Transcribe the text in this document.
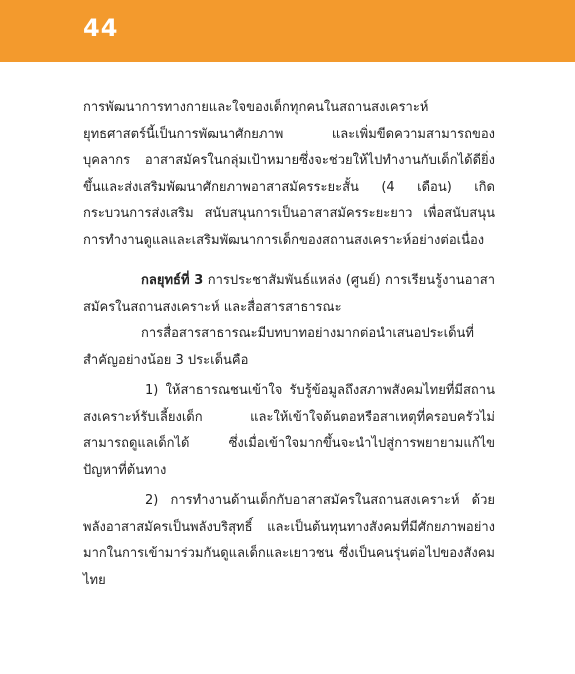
44

การพัฒนาการทางกายและใจของเด็กทุกคนในสถานสงเคราะห์ ยุทธศาสตร์นี้เป็นการพัฒนาศักยภาพ และเพิ่มขีดความสามารถของบุคลากร อาสาสมัครในกลุ่มเป้าหมายซึ่งจะช่วยให้ไปทำงานกับเด็กได้ดียิ่งขึ้นและส่งเสริมพัฒนาศักยภาพอาสาสมัครระยะสั้น (4 เดือน) เกิดกระบวนการส่งเสริม สนับสนุนการเป็นอาสาสมัครระยะยาว เพื่อสนับสนุนการทำงานดูแลและเสริมพัฒนาการเด็กของสถานสงเคราะห์อย่างต่อเนื่อง

กลยุทธ์ที่ 3 การประชาสัมพันธ์แหล่ง (ศูนย์) การเรียนรู้งานอาสาสมัครในสถานสงเคราะห์ และสื่อสารสาธารณะ

การสื่อสารสาธารณะมีบทบาทอย่างมากต่อนำเสนอประเด็นที่สำคัญอย่างน้อย 3 ประเด็นคือ

1) ให้สาธารณชนเข้าใจ รับรู้ข้อมูลถึงสภาพสังคมไทยที่มีสถานสงเคราะห์รับเลี้ยงเด็ก และให้เข้าใจต้นตอหรือสาเหตุที่ครอบครัวไม่สามารถดูแลเด็กได้ ซึ่งเมื่อเข้าใจมากขึ้นจะนำไปสู่การพยายามแก้ไขปัญหาที่ต้นทาง

2) การทำงานด้านเด็กกับอาสาสมัครในสถานสงเคราะห์ ด้วยพลังอาสาสมัครเป็นพลังบริสุทธิ์ และเป็นต้นทุนทางสังคมที่มีศักยภาพอย่างมากในการเข้ามาร่วมกันดูแลเด็กและเยาวชน ซึ่งเป็นคนรุ่นต่อไปของสังคมไทย
